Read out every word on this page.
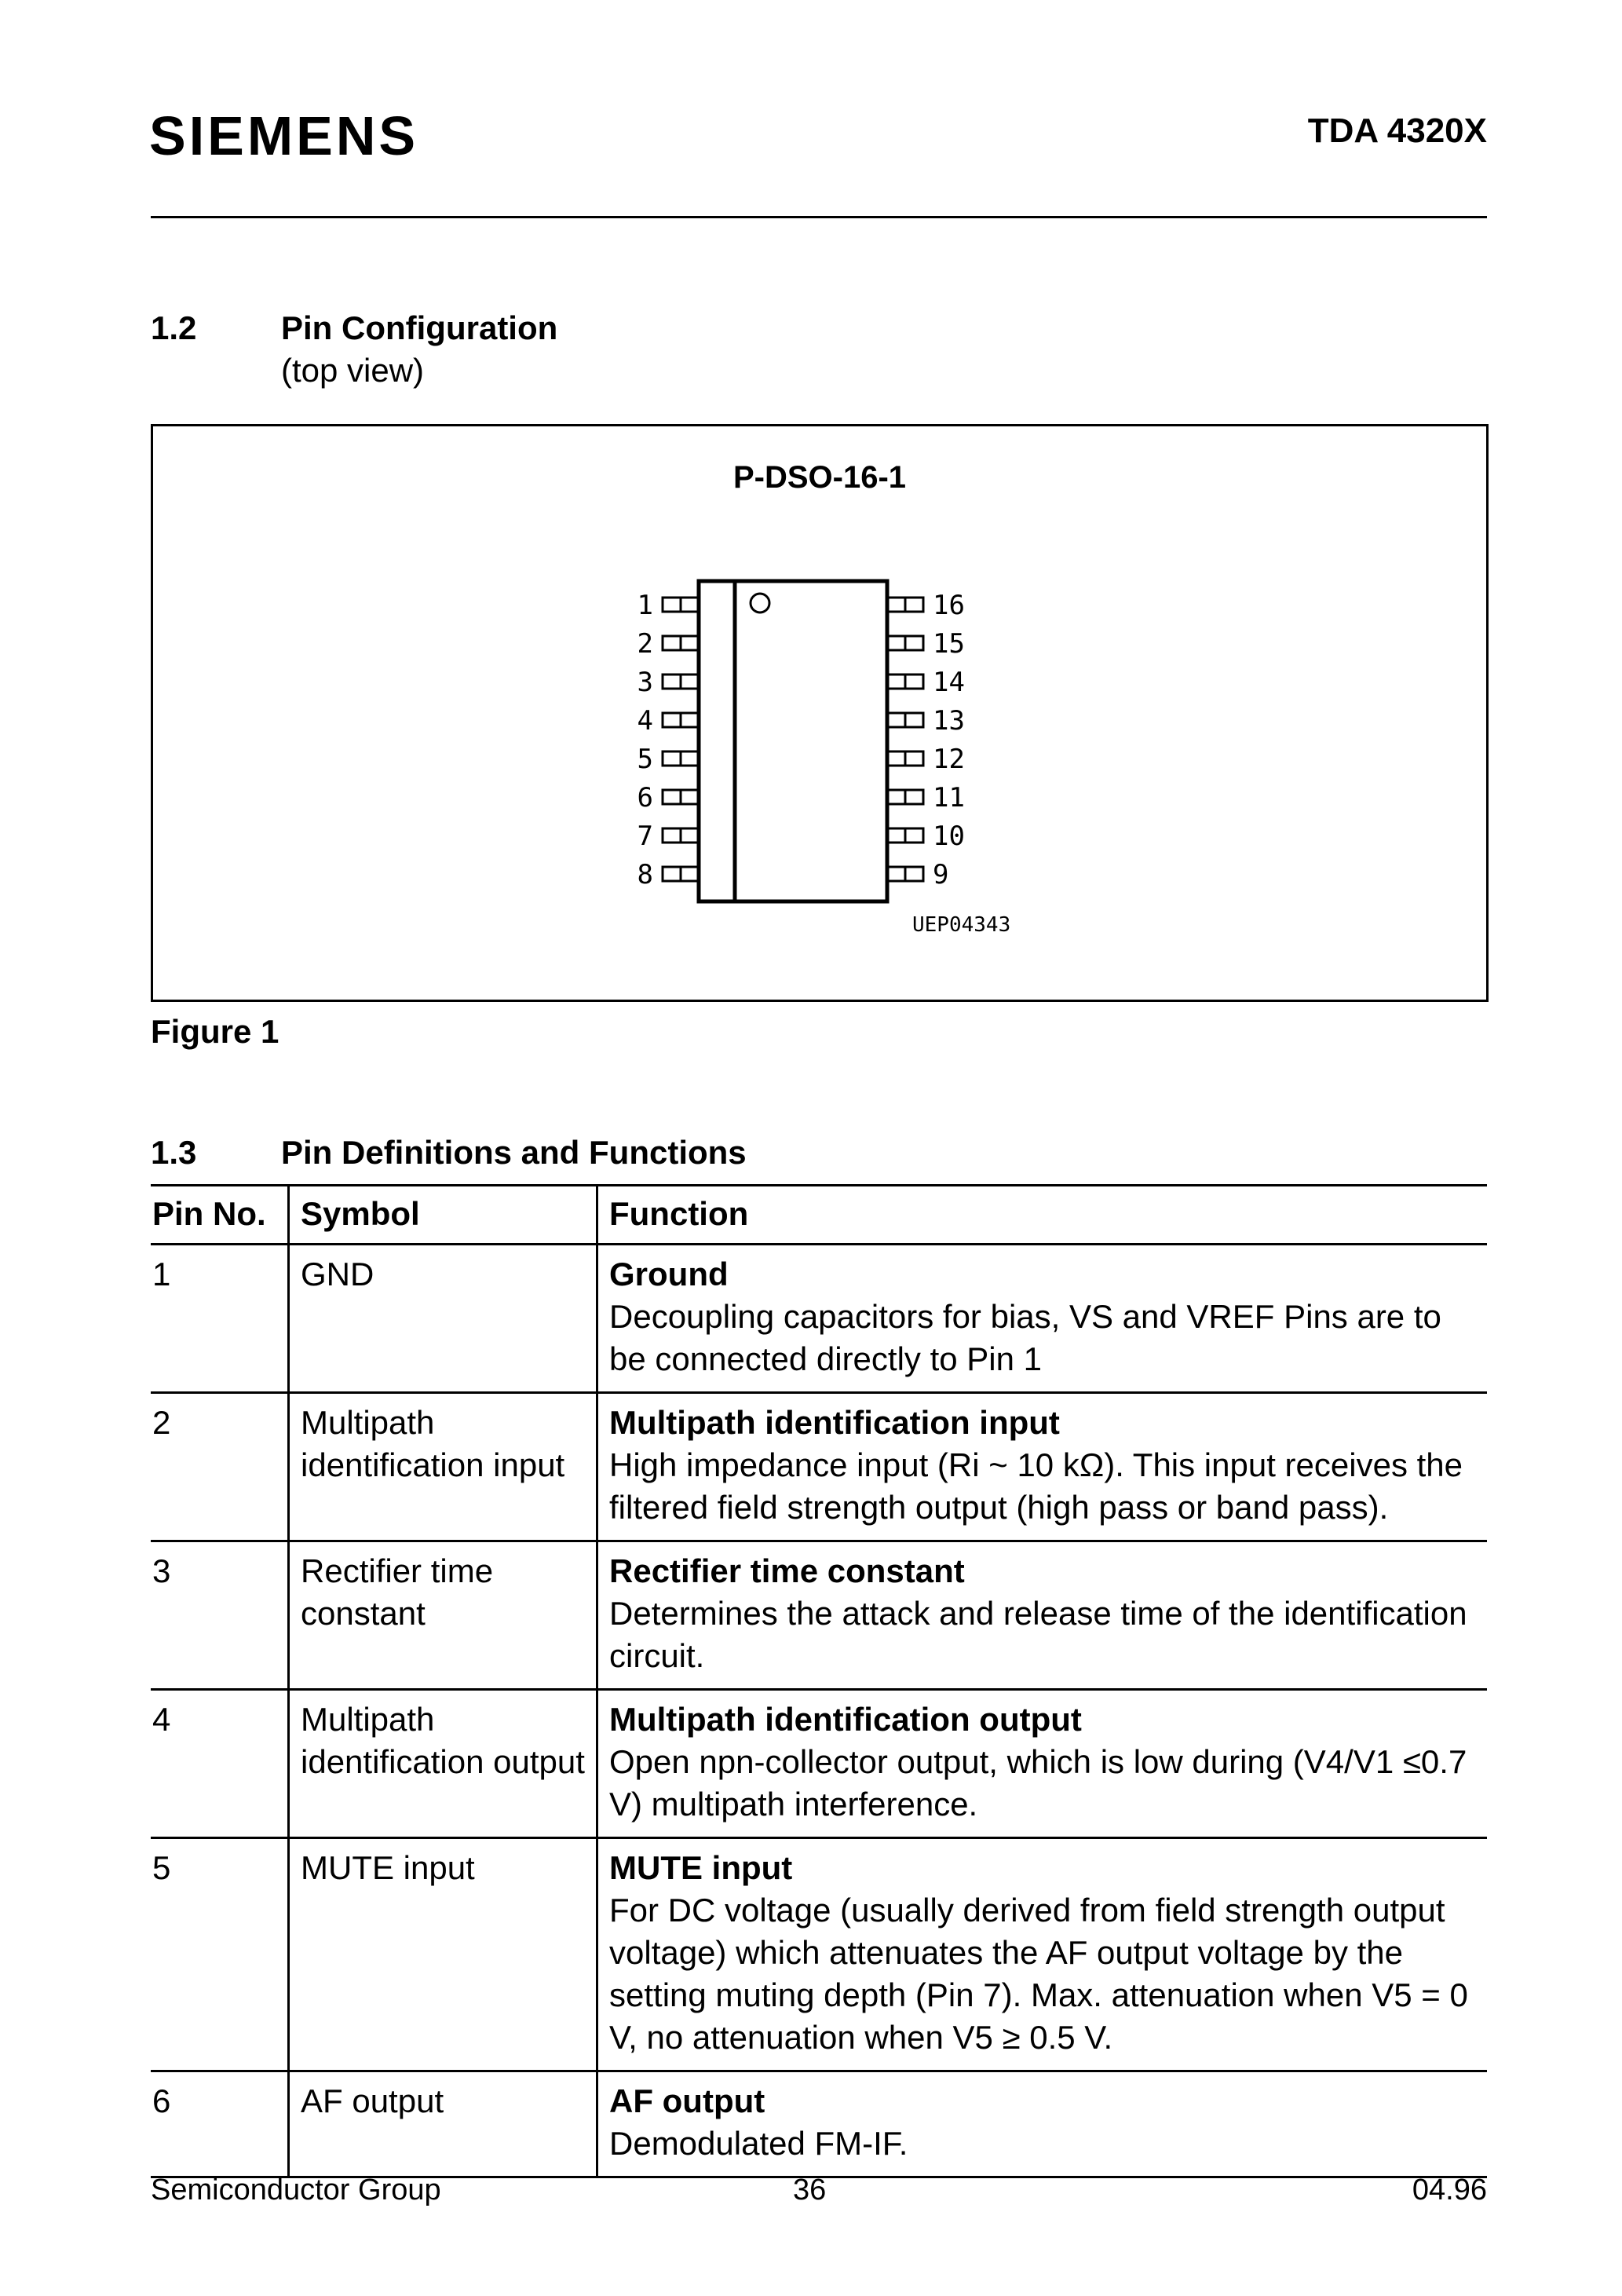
SIEMENS	TDA 4320X
1.2	Pin Configuration
(top view)
P-DSO-16-1
1
2
3
4
5
6
7
8
16
15
14
13
12
11
10
9
UEP04343
Figure 1
1.3	Pin Definitions and Functions
Pin No.	Symbol	Function
1	GND	Ground
Decoupling capacitors for bias, VS and VREF Pins are to be connected directly to Pin 1

2	Multipath identification input	Multipath identification input
High impedance input (Ri ~ 10 kΩ). This input receives the filtered field strength output (high pass or band pass).

3	Rectifier time constant	Rectifier time constant
Determines the attack and release time of the identification circuit.

4	Multipath identification output	Multipath identification output
Open npn-collector output, which is low during (V4/V1 ≤0.7 V) multipath interference.

5	MUTE input	MUTE input
For DC voltage (usually derived from field strength output voltage) which attenuates the AF output voltage by the setting muting depth (Pin 7). Max. attenuation when V5 = 0 V, no attenuation when V5 ≥ 0.5 V.

6	AF output	AF output
Demodulated FM-IF.
Semiconductor Group	36	04.96
